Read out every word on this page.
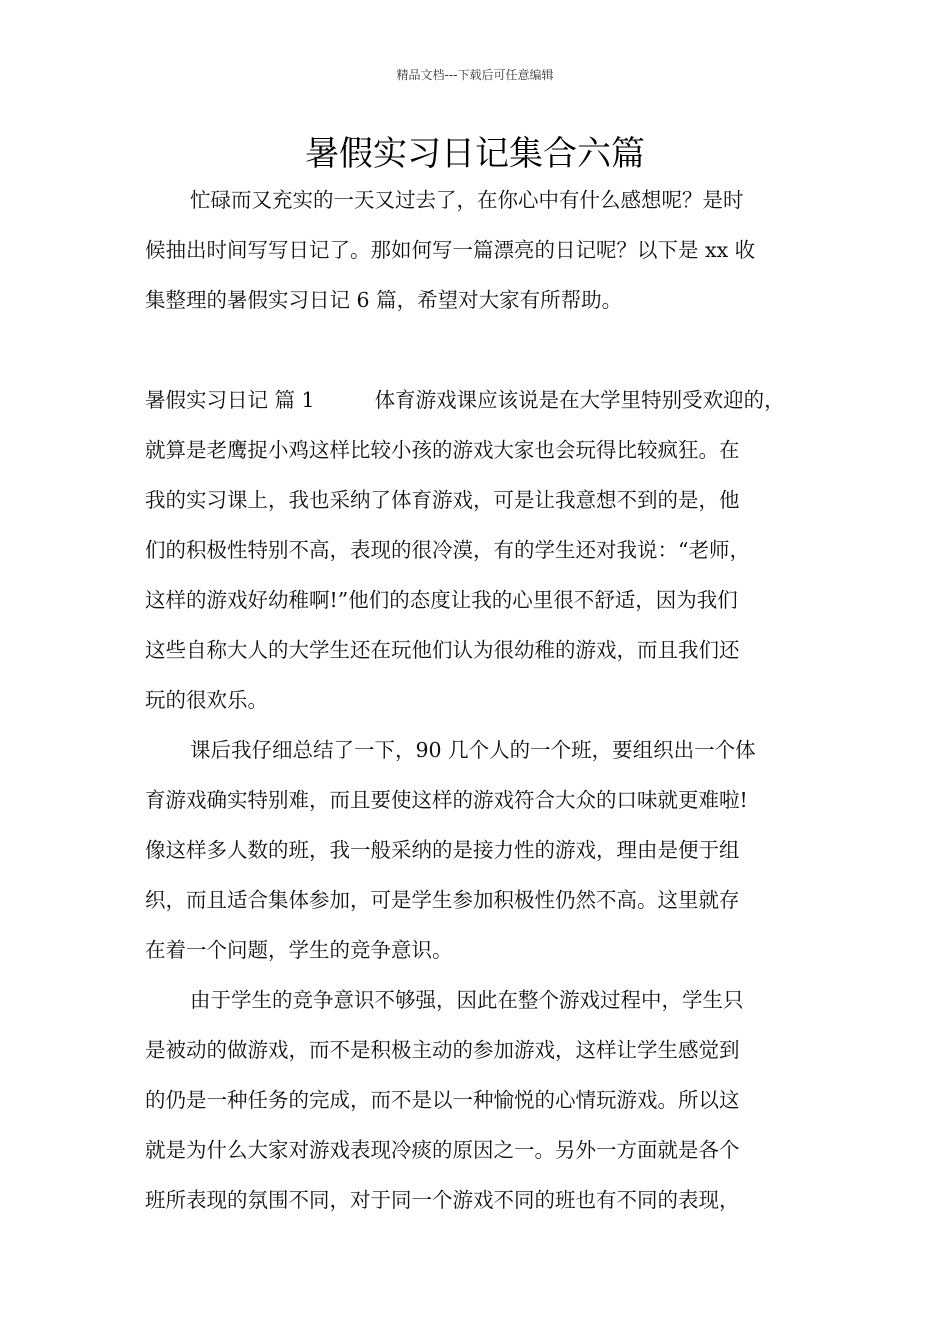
精品文档---下载后可任意编辑
暑假实习日记集合六篇
忙碌而又充实的一天又过去了，在你心中有什么感想呢？是时
候抽出时间写写日记了。那如何写一篇漂亮的日记呢？以下是 xx 收
集整理的暑假实习日记 6 篇，希望对大家有所帮助。
暑假实习日记 篇 1	体育游戏课应该说是在大学里特别受欢迎的，
就算是老鹰捉小鸡这样比较小孩的游戏大家也会玩得比较疯狂。在
我的实习课上，我也采纳了体育游戏，可是让我意想不到的是，他
们的积极性特别不高，表现的很冷漠，有的学生还对我说：“老师，
这样的游戏好幼稚啊!”他们的态度让我的心里很不舒适，因为我们
这些自称大人的大学生还在玩他们认为很幼稚的游戏，而且我们还
玩的很欢乐。
课后我仔细总结了一下，90 几个人的一个班，要组织出一个体
育游戏确实特别难，而且要使这样的游戏符合大众的口味就更难啦!
像这样多人数的班，我一般采纳的是接力性的游戏，理由是便于组
织，而且适合集体参加，可是学生参加积极性仍然不高。这里就存
在着一个问题，学生的竞争意识。
由于学生的竞争意识不够强，因此在整个游戏过程中，学生只
是被动的做游戏，而不是积极主动的参加游戏，这样让学生感觉到
的仍是一种任务的完成，而不是以一种愉悦的心情玩游戏。所以这
就是为什么大家对游戏表现冷痰的原因之一。另外一方面就是各个
班所表现的氛围不同，对于同一个游戏不同的班也有不同的表现，
